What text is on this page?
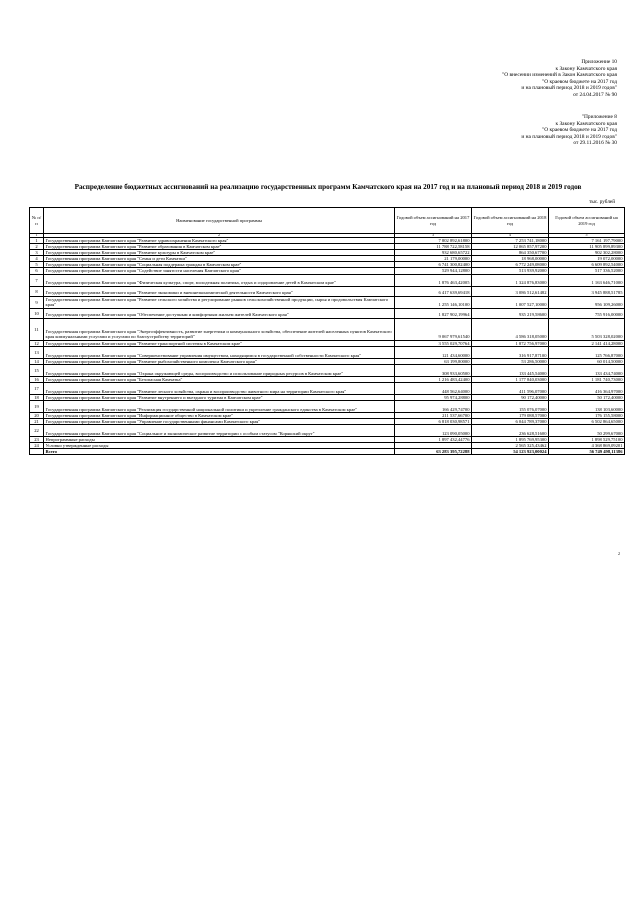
Приложение 10
к Закону Камчатского края
"О внесении изменений в Закон Камчатского края
"О краевом бюджете на 2017 год
и на плановый период 2018 и 2019 годов"
от 24.04.2017 № 90
"Приложение 8
к Закону Камчатского края
"О краевом бюджете на 2017 год
и на плановый период 2018 и 2019 годов"
от 29.11.2016 № 30
Распределение бюджетных ассигнований на реализацию государственных программ Камчатского края на 2017 год и на плановый период 2018 и 2019 годов
тыс. рублей
№ п/п	Наименование государственной программы	Годовой объем ассигнований на 2017 год	Годовой объем ассигнований на 2018 год	Годовой объем ассигнований на 2019 год
1	2	3	4	5
1	Государственная программа Камчатского края "Развитие здравоохранения Камчатского края"	7 802 892,61800	7 253 741,18000	7 161 197,79000
2	Государственная программа Камчатского края "Развитие образования в Камчатском крае"	11 788 722,58158	12 065 857,97200	11 905 899,89300
3	Государственная программа Камчатского края "Развитие культуры в Камчатском крае"	932 680,65722	864 350,67700	902 302,28000
4	Государственная программа Камчатского края "Семья и дети Камчатки"	21 179,00000	18 968,00000	19 072,00000
5	Государственная программа Камчатского края "Социальная поддержка граждан в Камчатском крае"	6 741 300,82400	6 772 249,08000	6 609 892,54000
6	Государственная программа Камчатского края "Содействие занятости населения Камчатского края"	529 944,12800	513 939,92000	517 336,52000
7	Государственная программа Камчатского края "Физическая культура, спорт, молодежная политика, отдых и оздоровление детей в Камчатском крае"	1 876 463,42005	1 324 876,83000	1 163 646,71000
8	Государственная программа Камчатского края "Развитие экономики и внешнеэкономической деятельности Камчатского края"	6 417 639,69418	3 086 512,61482	3 945 888,51785
9	Государственная программа Камчатского края "Развитие сельского хозяйства и регулирование рынков сельскохозяйственной продукции, сырья и продовольствия Камчатского края"	1 255 146,10100	1 007 527,10000	956 109,26000
10	Государственная программа Камчатского края "Обеспечение доступным и комфортным жильем жителей Камчатского края"	1 827 902,19964	935 219,58600	755 916,00000
11	Государственная программа Камчатского края "Энергоэффективность, развитие энергетики и коммунального хозяйства, обеспечение жителей населенных пунктов Камчатского края коммунальными услугами и услугами по благоустройству территорий"	9 067 979,61540	4 586 318,05000	5 503 328,02000
12	Государственная программа Камчатского края "Развитие транспортной системы в Камчатском крае"	3 555 029,70764	1 872 756,97000	2 141 414,28000
13	Государственная программа Камчатского края "Совершенствование управления имуществом, находящимся в государственной собственности Камчатского края"	121 434,60000	316 917,87100	125 766,87000
14	Государственная программа Камчатского края "Развитие рыбохозяйственного комплекса Камчатского края"	63 199,80000	53 286,50000	60 014,50000
15	Государственная программа Камчатского края "Охрана окружающей среды, воспроизводство и использование природных ресурсов в Камчатском крае"	308 933,60500	133 445,54000	133 434,74000
16	Государственная программа Камчатского края "Безопасная Камчатка"	1 216 483,42400	1 177 840,03000	1 181 740,73000
17	Государственная программа Камчатского края "Развитие лесного хозяйства, охрана и воспроизводство животного мира на территории Камчатского края"	448 562,64000	411 596,07000	416 364,97000
18	Государственная программа Камчатского края "Развитие внутреннего и въездного туризма в Камчатском крае"	95 974,28800	90 172,40000	50 172,40000
19	Государственная программа Камчатского края "Реализация государственной национальной политики и укрепление гражданского единства в Камчатском крае"	166 429,74700	155 076,07000	138 103,60000
20	Государственная программа Камчатского края "Информационное общество в Камчатском крае"	211 537,66700	179 088,57000	176 155,58000
21	Государственная программа Камчатского края "Управление государственными финансами Камчатского края"	6 818 030,98571	6 044 789,37000	6 502 864,65000
22	Государственная программа Камчатского края "Социальное и экономическое развитие территории с особым статусом "Корякский округ"	123 090,05000	236 628,51600	50 299,67000
23	Непрограммные расходы	1 897 432,44776	1 895 769,95300	1 898 529,75100
24	Условно утвержденные расходы		2 565 325,43462	4 368 869,09201
	Всего	63 283 395,72288	54 123 923,00024	56 749 498,11386
2
